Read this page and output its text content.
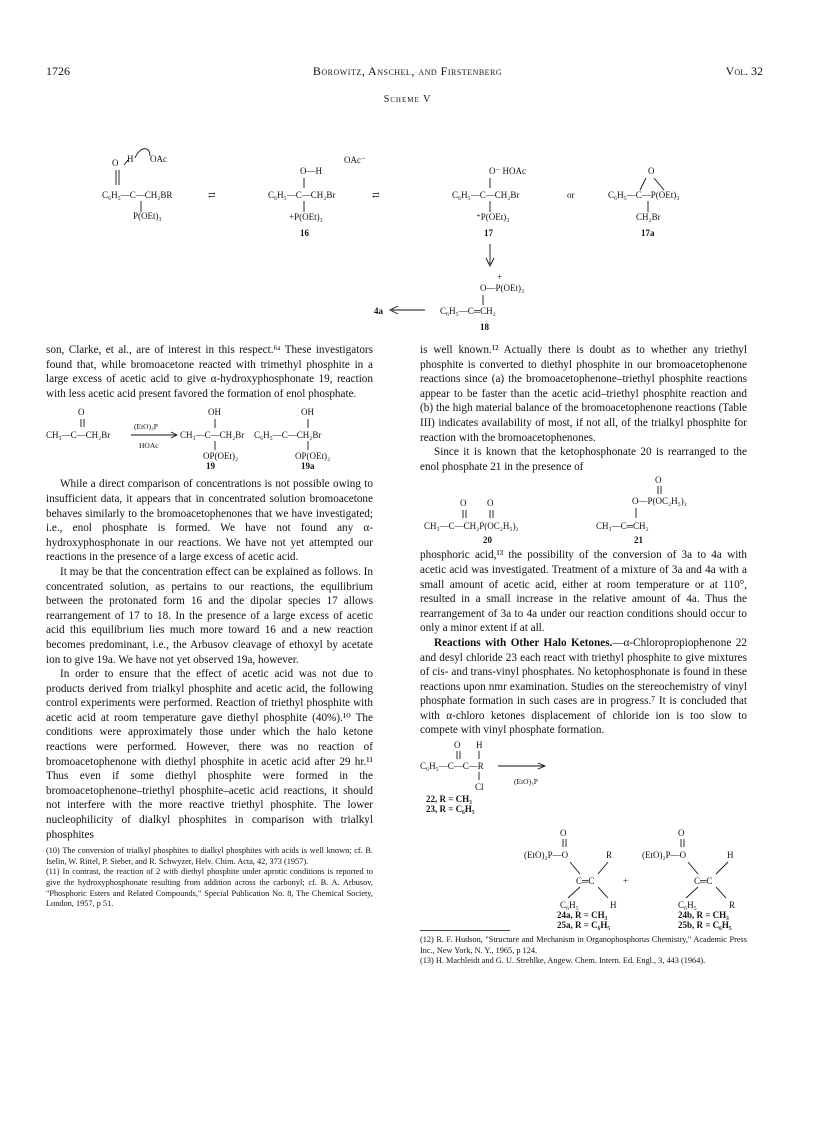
1726	Borowitz, Anschel, and Firstenberg	Vol. 32
Scheme V
O H OAc
C₆H₅—C—CH₂BR
P(OEt)₃
⇄
O—H
OAc⁻
C₆H₅—C—CH₂Br
+P(OEt)₃
16
⇄
O⁻ HOAc
C₆H₅—C—CH₂Br
⁺P(OEt)₃
17
or
O
C₆H₅—C—P(OEt)₃
CH₂Br
17a
+
O—P(OEt)₃
C₆H₅—C═CH₂
18
4a

son, Clarke, et al., are of interest in this respect.⁶ᵃ These investigators found that, while bromoacetone reacted with trimethyl phosphite in a large excess of acetic acid to give α-hydroxyphosphonate 19, reaction with less acetic acid present favored the formation of enol phosphate.

O
CH₃—C—CH₂Br
(EtO)₃P
HOAc
OH
CH₃—C—CH₂Br
OP(OEt)₂
19
OH
C₆H₅—C—CH₂Br
OP(OEt)₂
19a

While a direct comparison of concentrations is not possible owing to insufficient data, it appears that in concentrated solution bromoacetone behaves similarly to the bromoacetophenones that we have investigated; i.e., enol phosphate is formed. We have not found any α-hydroxyphosphonate in our reactions. We have not yet attempted our reactions in the presence of a large excess of acetic acid.

It may be that the concentration effect can be explained as follows. In concentrated solution, as pertains to our reactions, the equilibrium between the protonated form 16 and the dipolar species 17 allows rearrangement of 17 to 18. In the presence of a large excess of acetic acid this equilibrium lies much more toward 16 and a new reaction becomes predominant, i.e., the Arbusov cleavage of ethoxyl by acetate ion to give 19a. We have not yet observed 19a, however.

In order to ensure that the effect of acetic acid was not due to products derived from trialkyl phosphite and acetic acid, the following control experiments were performed. Reaction of triethyl phosphite with acetic acid at room temperature gave diethyl phosphite (40%).¹⁰ The conditions were approximately those under which the halo ketone reactions were performed. However, there was no reaction of bromoacetophenone with diethyl phosphite in acetic acid after 29 hr.¹¹ Thus even if some diethyl phosphite were formed in the bromoacetophenone–triethyl phosphite–acetic acid reactions, it should not interfere with the more reactive triethyl phosphite. The lower nucleophilicity of dialkyl phosphites in comparison with trialkyl phosphites

(10) The conversion of trialkyl phosphites to dialkyl phosphites with acids is well known; cf. B. Iselin, W. Rittel, P. Sieber, and R. Schwyzer, Helv. Chim. Acta, 42, 373 (1957).

(11) In contrast, the reaction of 2 with diethyl phosphite under aprotic conditions is reported to give the hydroxyphosphonate resulting from addition across the carbonyl; cf. B. A. Arbusov, "Phosphoric Esters and Related Compounds," Special Publication No. 8, The Chemical Society, London, 1957, p 51.

is well known.¹² Actually there is doubt as to whether any triethyl phosphite is converted to diethyl phosphite in our bromoacetophenone reactions since (a) the bromoacetophenone–triethyl phosphite reactions appear to be faster than the acetic acid–triethyl phosphite reaction and (b) the high material balance of the bromoacetophenone reactions (Table III) indicates availability of most, if not all, of the trialkyl phosphite for reaction with the bromoacetophenones.

Since it is known that the ketophosphonate 20 is rearranged to the enol phosphate 21 in the presence of

O O
CH₃—C—CH₂P(OC₂H₅)₂
20
O
O—P(OC₂H₅)₂
CH₃—C═CH₂
21

phosphoric acid,¹³ the possibility of the conversion of 3a to 4a with acetic acid was investigated. Treatment of a mixture of 3a and 4a with a small amount of acetic acid, either at room temperature or at 110°, resulted in a small increase in the relative amount of 4a. Thus the rearrangement of 3a to 4a under our reaction conditions should occur to only a minor extent if at all.

Reactions with Other Halo Ketones.—α-Chloropropiophenone 22 and desyl chloride 23 each react with triethyl phosphite to give mixtures of cis- and trans-vinyl phosphates. No ketophosphonate is found in these reactions upon nmr examination. Studies on the stereochemistry of vinyl phosphate formation in such cases are in progress.⁷ It is concluded that with α-chloro ketones displacement of chloride ion is too slow to compete with vinyl phosphate formation.

O H
C₆H₅—C—C—R
Cl
(EtO)₃P
22, R = CH₃
23, R = C₆H₅
O
(EtO)₂P—O	R
C═C	+
C₆H₅	H
24a, R = CH₃
25a, R = C₆H₅
O
(EtO)₂P—O	H
C═C
C₆H₅	R
24b, R = CH₃
25b, R = C₆H₅

(12) R. F. Hudson, "Structure and Mechanism in Organophosphorus Chemistry," Academic Press Inc., New York, N. Y., 1965, p 124.

(13) H. Machleidt and G. U. Strehlke, Angew. Chem. Intern. Ed. Engl., 3, 443 (1964).
